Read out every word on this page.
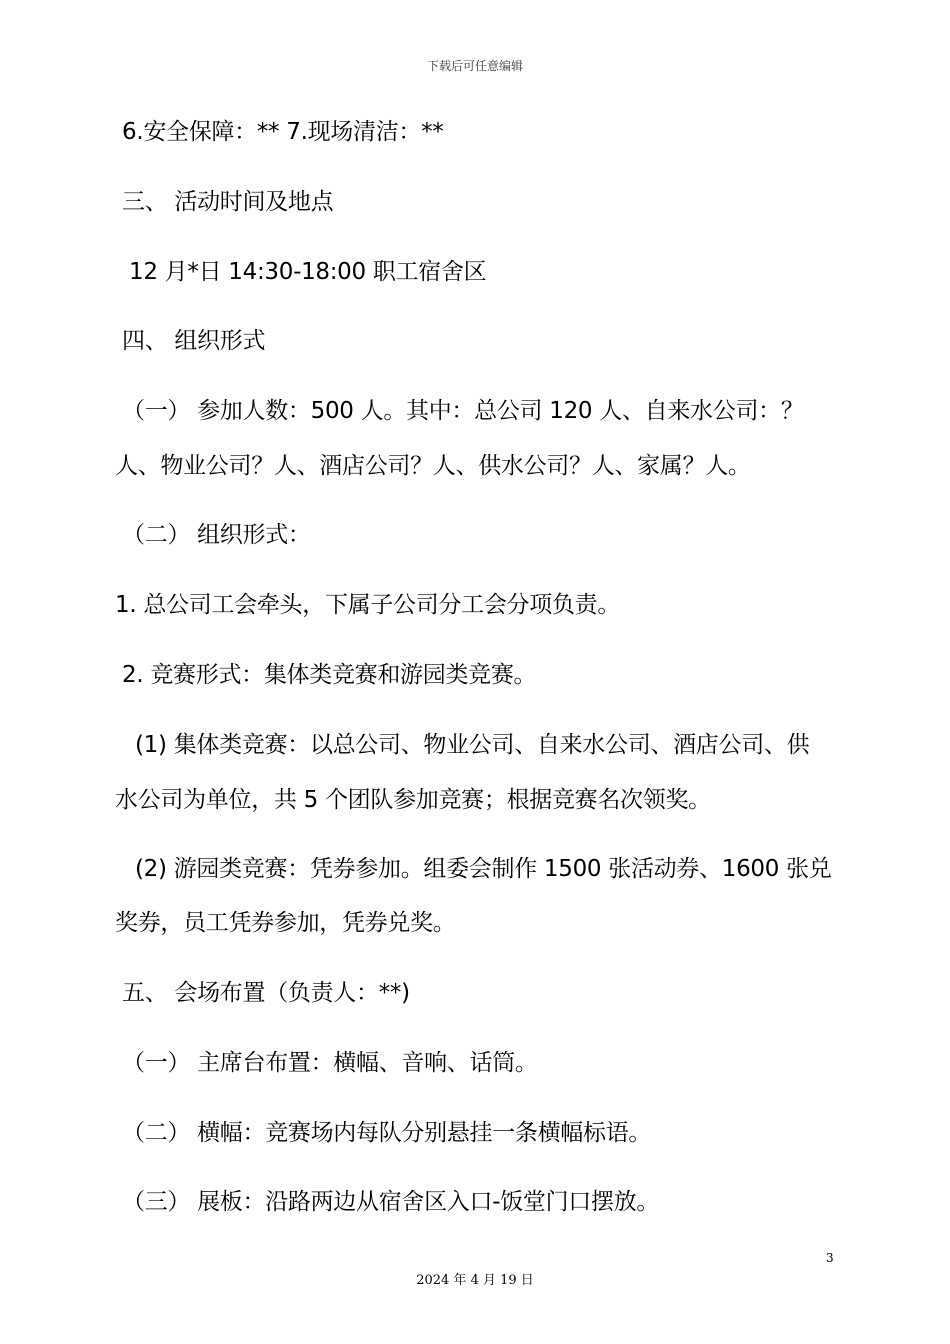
下载后可任意编辑
6.安全保障：** 7.现场清洁：**
三、 活动时间及地点
12 月*日 14:30-18:00 职工宿舍区
四、 组织形式
（一） 参加人数：500 人。其中：总公司 120 人、自来水公司：？
人、物业公司？人、酒店公司？人、供水公司？人、家属？人。
（二） 组织形式：
1. 总公司工会牵头，下属子公司分工会分项负责。
2. 竞赛形式：集体类竞赛和游园类竞赛。
(1) 集体类竞赛：以总公司、物业公司、自来水公司、酒店公司、供
水公司为单位，共 5 个团队参加竞赛；根据竞赛名次领奖。
(2) 游园类竞赛：凭券参加。组委会制作 1500 张活动券、1600 张兑
奖券，员工凭券参加，凭券兑奖。
五、 会场布置（负责人：**)
（一） 主席台布置：横幅、音响、话筒。
（二） 横幅：竞赛场内每队分别悬挂一条横幅标语。
（三） 展板：沿路两边从宿舍区入口-饭堂门口摆放。
3
2024 年 4 月 19 日
